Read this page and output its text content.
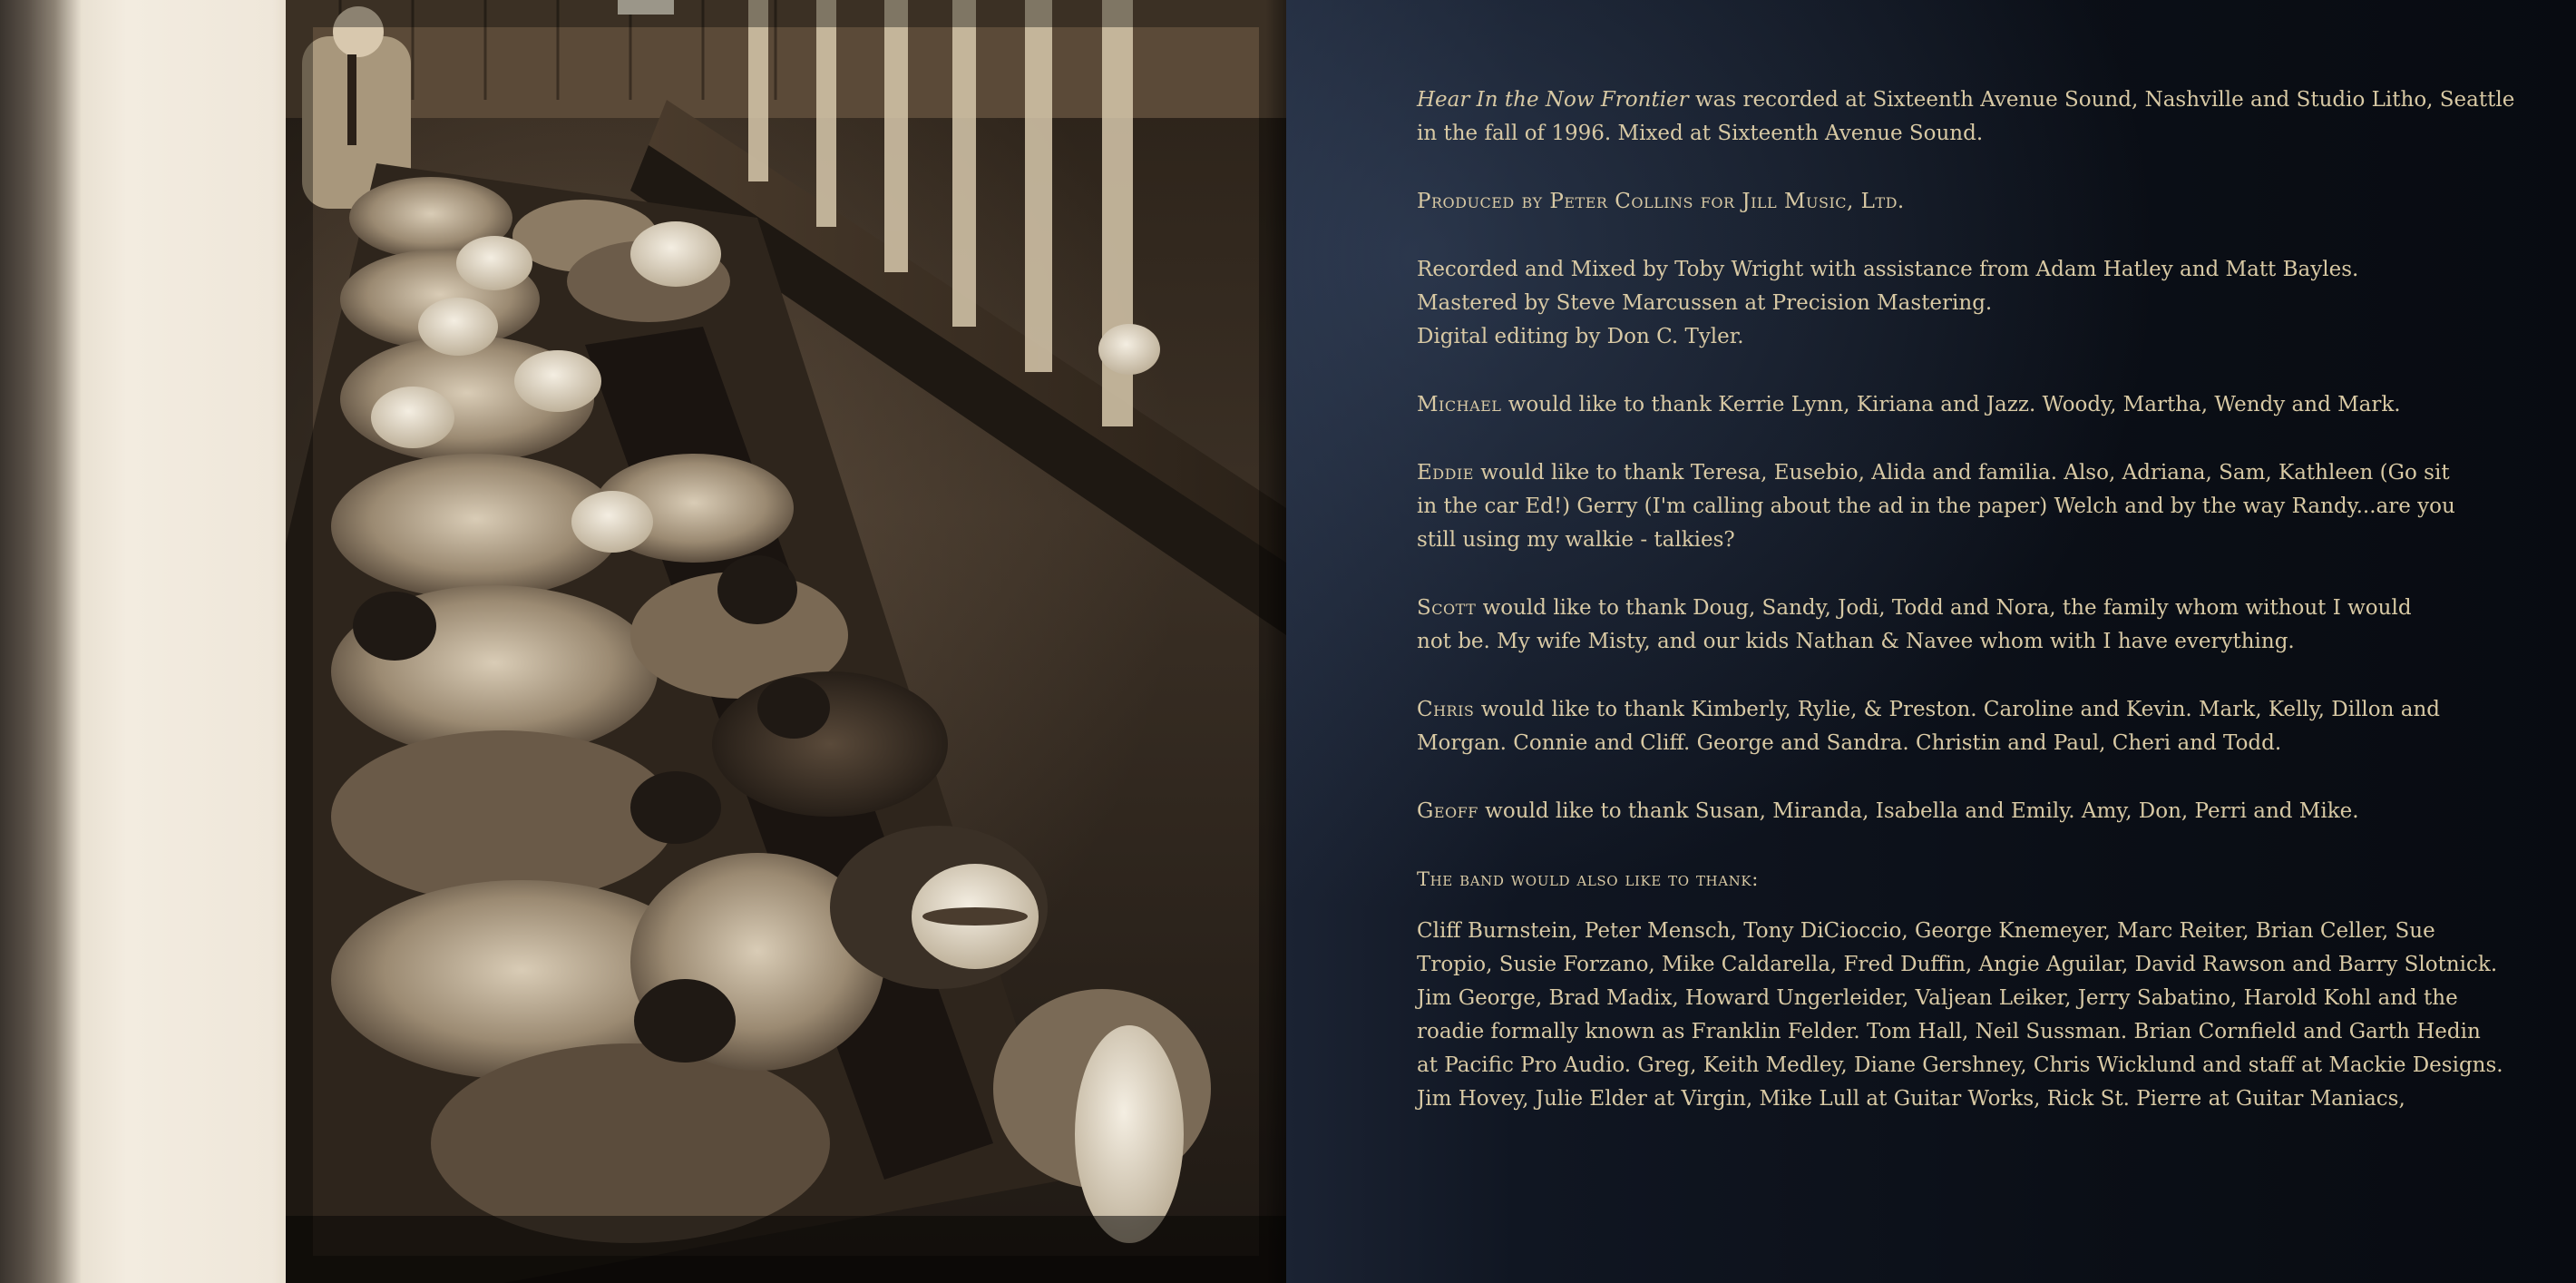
Hear In the Now Frontier was recorded at Sixteenth Avenue Sound, Nashville and Studio Litho, Seattle
in the fall of 1996. Mixed at Sixteenth Avenue Sound.

Produced by Peter Collins for Jill Music, Ltd.

Recorded and Mixed by Toby Wright with assistance from Adam Hatley and Matt Bayles.
Mastered by Steve Marcussen at Precision Mastering.
Digital editing by Don C. Tyler.

Michael would like to thank Kerrie Lynn, Kiriana and Jazz. Woody, Martha, Wendy and Mark.

Eddie would like to thank Teresa, Eusebio, Alida and familia. Also, Adriana, Sam, Kathleen (Go sit
in the car Ed!) Gerry (I'm calling about the ad in the paper) Welch and by the way Randy...are you
still using my walkie - talkies?

Scott would like to thank Doug, Sandy, Jodi, Todd and Nora, the family whom without I would
not be. My wife Misty, and our kids Nathan & Navee whom with I have everything.

Chris would like to thank Kimberly, Rylie, & Preston. Caroline and Kevin. Mark, Kelly, Dillon and
Morgan. Connie and Cliff. George and Sandra. Christin and Paul, Cheri and Todd.

Geoff would like to thank Susan, Miranda, Isabella and Emily. Amy, Don, Perri and Mike.

The band would also like to thank:

Cliff Burnstein, Peter Mensch, Tony DiCioccio, George Knemeyer, Marc Reiter, Brian Celler, Sue
Tropio, Susie Forzano, Mike Caldarella, Fred Duffin, Angie Aguilar, David Rawson and Barry Slotnick.
Jim George, Brad Madix, Howard Ungerleider, Valjean Leiker, Jerry Sabatino, Harold Kohl and the
roadie formally known as Franklin Felder. Tom Hall, Neil Sussman. Brian Cornfield and Garth Hedin
at Pacific Pro Audio. Greg, Keith Medley, Diane Gershney, Chris Wicklund and staff at Mackie Designs.
Jim Hovey, Julie Elder at Virgin, Mike Lull at Guitar Works, Rick St. Pierre at Guitar Maniacs,
